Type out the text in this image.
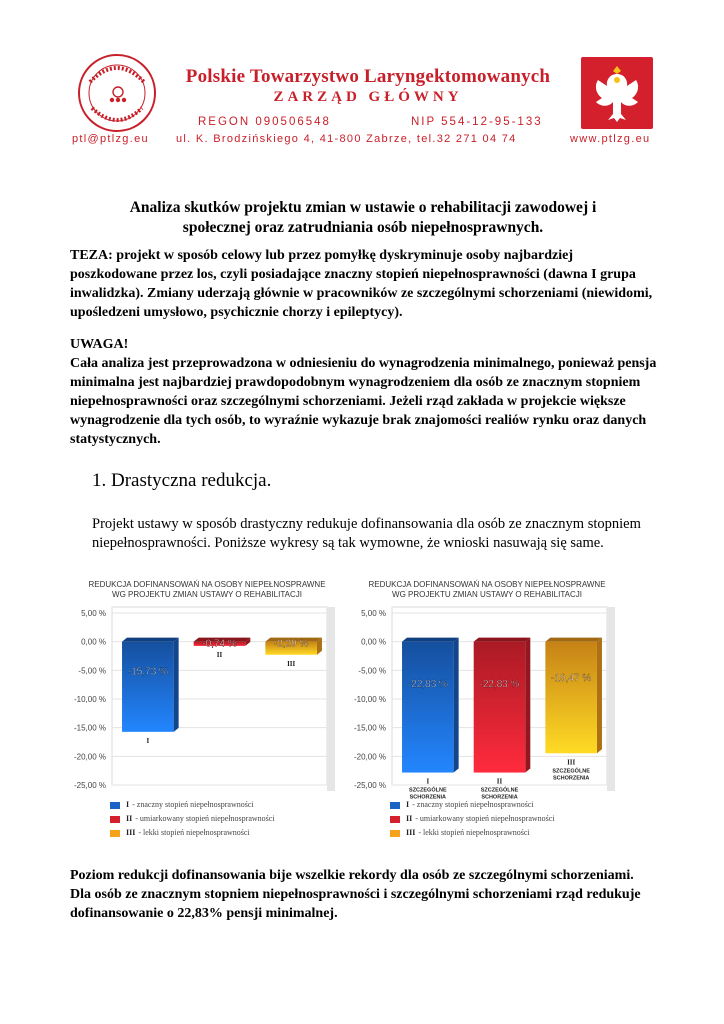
Polskie Towarzystwo Laryngektomowanych
ZARZĄD GŁÓWNY
REGON 090506548	NIP 554-12-95-133
ptl@ptlzg.eu ul. K. Brodzińskiego 4, 41-800 Zabrze, tel.32 271 04 74	www.ptlzg.eu
Analiza skutków projektu zmian w ustawie o rehabilitacji zawodowej i
społecznej oraz zatrudniania osób niepełnosprawnych.
TEZA: projekt w sposób celowy lub przez pomyłkę dyskryminuje osoby najbardziej poszkodowane przez los, czyli posiadające znaczny stopień niepełnosprawności (dawna I grupa inwalidzka). Zmiany uderzają głównie w pracowników ze szczególnymi schorzeniami (niewidomi, upośledzeni umysłowo, psychicznie chorzy i epileptycy).
UWAGA!
Cała analiza jest przeprowadzona w odniesieniu do wynagrodzenia minimalnego, ponieważ pensja minimalna jest najbardziej prawdopodobnym wynagrodzeniem dla osób ze znacznym stopniem niepełnosprawności oraz szczególnymi schorzeniami. Jeżeli rząd zakłada w projekcie większe wynagrodzenie dla tych osób, to wyraźnie wykazuje brak znajomości realiów rynku oraz danych statystycznych.
1. Drastyczna redukcja.
Projekt ustawy w sposób drastyczny redukuje dofinansowania dla osób ze znacznym stopniem niepełnosprawności. Poniższe wykresy są tak wymowne, że wnioski nasuwają się same.
REDUKCJA DOFINANSOWAŃ NA OSOBY NIEPEŁNOSPRAWNE
WG PROJEKTU ZMIAN USTAWY O REHABILITACJI
5,00 %
0,00 %
-5,00 %
-10,00 %
-15,00 %
-20,00 %
-25,00 %
-15,73 %
I
-0,74 %
II
-2,29 %
III
REDUKCJA DOFINANSOWAŃ NA OSOBY NIEPEŁNOSPRAWNE
WG PROJEKTU ZMIAN USTAWY O REHABILITACJI
5,00 %
0,00 %
-5,00 %
-10,00 %
-15,00 %
-20,00 %
-25,00 %
-22,83 %
I
SZCZEGÓLNE
SCHORZENIA
-22,83 %
II
SZCZEGÓLNE
SCHORZENIA
-19,47 %
III
SZCZEGÓLNE
SCHORZENIA
I - znaczny stopień niepełnosprawności
II - umiarkowany stopień niepełnosprawności
III - lekki stopień niepełnosprawności
I - znaczny stopień niepełnosprawności
II - umiarkowany stopień niepełnosprawności
III - lekki stopień niepełnosprawności
Poziom redukcji dofinansowania bije wszelkie rekordy dla osób ze szczególnymi schorzeniami. Dla osób ze znacznym stopniem niepełnosprawności i szczególnymi schorzeniami rząd redukuje dofinansowanie o 22,83% pensji minimalnej.
